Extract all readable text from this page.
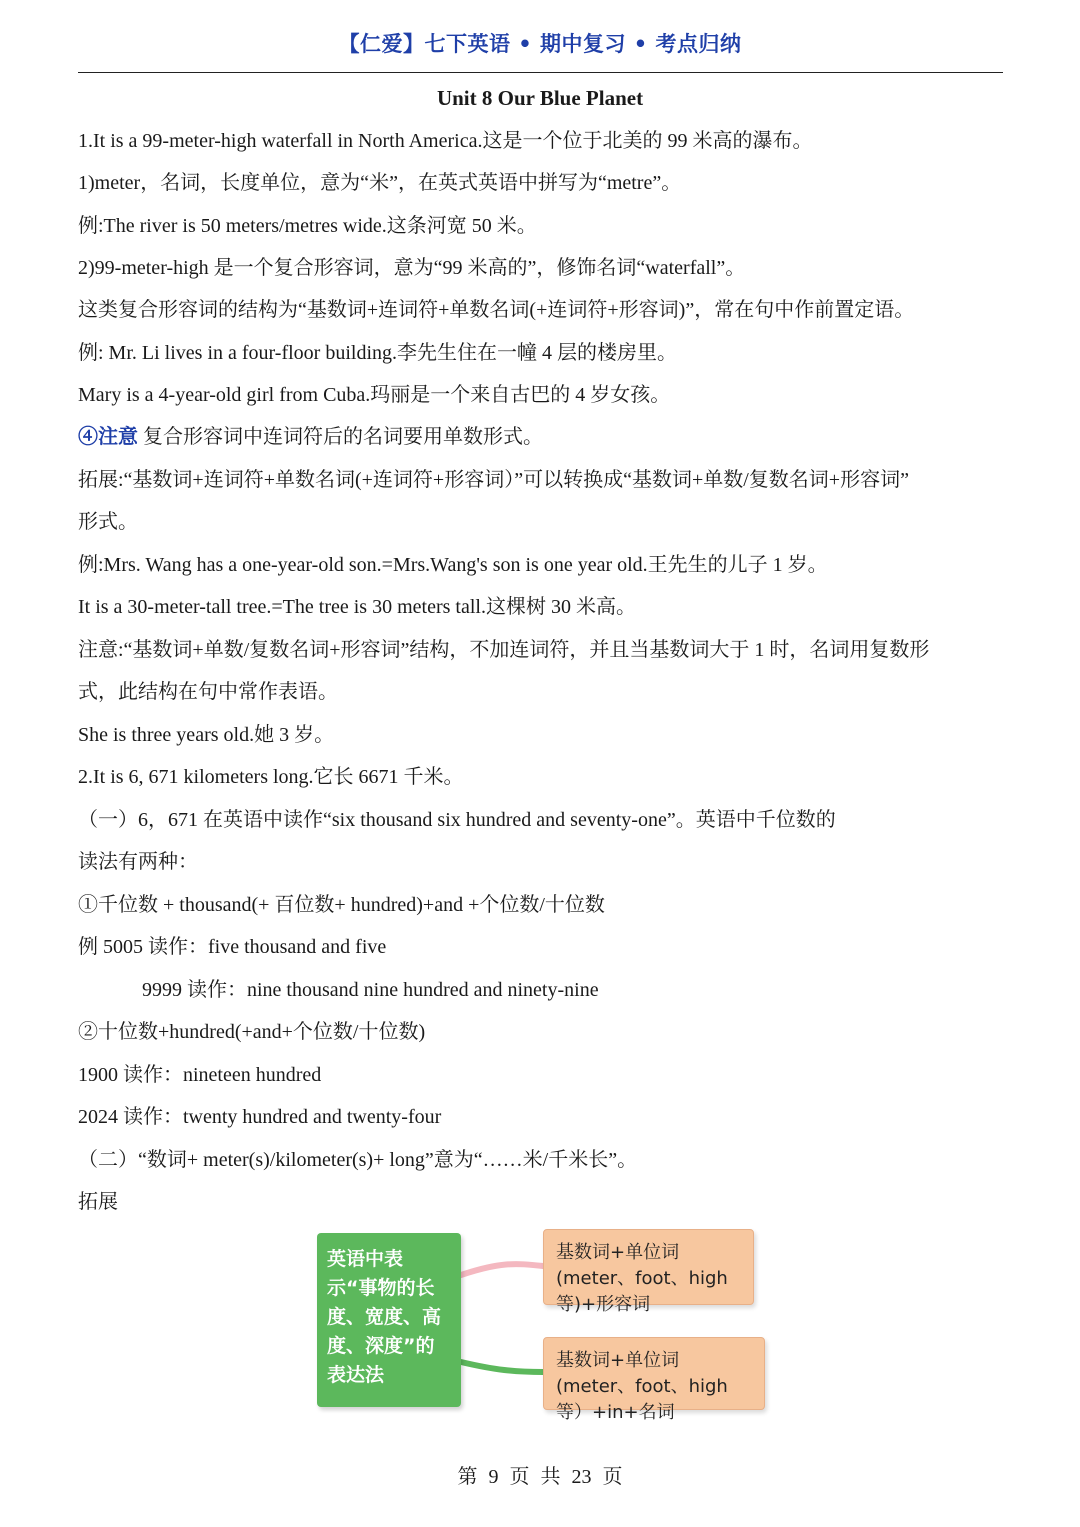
【仁爱】七下英语 • 期中复习 • 考点归纳
Unit 8 Our Blue Planet
1.It is a 99-meter-high waterfall in North America.这是一个位于北美的 99 米高的瀑布。
1)meter，名词，长度单位，意为“米”，在英式英语中拼写为“metre”。
例:The river is 50 meters/metres wide.这条河宽 50 米。
2)99-meter-high 是一个复合形容词，意为“99 米高的”，修饰名词“waterfall”。
这类复合形容词的结构为“基数词+连词符+单数名词(+连词符+形容词)”，常在句中作前置定语。
例: Mr. Li lives in a four-floor building.李先生住在一幢 4 层的楼房里。
Mary is a 4-year-old girl from Cuba.玛丽是一个来自古巴的 4 岁女孩。
④注意 复合形容词中连词符后的名词要用单数形式。
拓展:“基数词+连词符+单数名词(+连词符+形容词）”可以转换成“基数词+单数/复数名词+形容词”
形式。
例:Mrs. Wang has a one-year-old son.=Mrs.Wang's son is one year old.王先生的儿子 1 岁。
It is a 30-meter-tall tree.=The tree is 30 meters tall.这棵树 30 米高。
注意:“基数词+单数/复数名词+形容词”结构，不加连词符，并且当基数词大于 1 时，名词用复数形
式，此结构在句中常作表语。
She is three years old.她 3 岁。
2.It is 6, 671 kilometers long.它长 6671 千米。
（一）6，671 在英语中读作“six thousand six hundred and seventy-one”。英语中千位数的
读法有两种：
①千位数 + thousand(+ 百位数+ hundred)+and +个位数/十位数
例 5005 读作：five thousand and five
9999 读作：nine thousand nine hundred and ninety-nine
②十位数+hundred(+and+个位数/十位数)
1900 读作：nineteen hundred
2024 读作：twenty hundred and twenty-four
（二）“数词+ meter(s)/kilometer(s)+ long”意为“……米/千米长”。
拓展
英语中表示“事物的长度、宽度、高度、深度”的表达法
基数词+单位词(meter、foot、high等)+形容词
基数词+单位词(meter、foot、high等）+in+名词
第 9 页 共 23 页
